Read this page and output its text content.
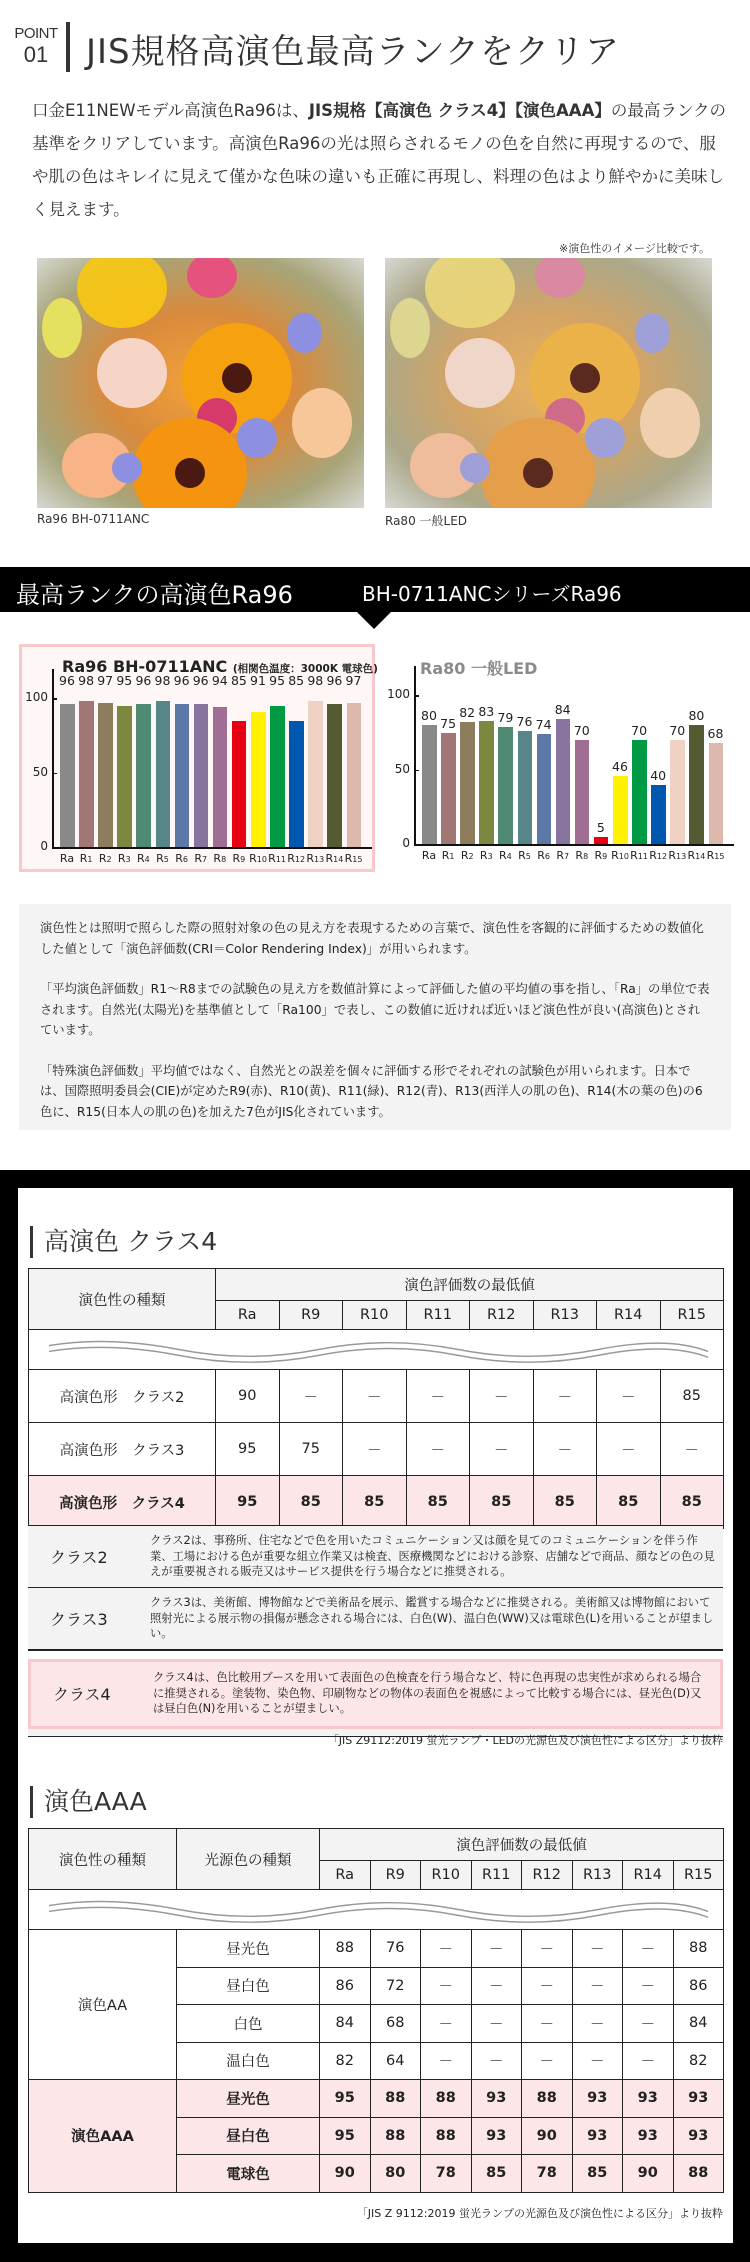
POINT
01 JIS規格高演色最高ランクをクリア
口金E11NEWモデル高演色Ra96は、JIS規格【高演色 クラス4】【演色AAA】の最高ランクの基準をクリアしています。高演色Ra96の光は照らされるモノの色を自然に再現するので、服や肌の色はキレイに見えて僅かな色味の違いも正確に再現し、料理の色はより鮮やかに美味しく見えます。
※演色性のイメージ比較です。
Ra96 BH-0711ANC	Ra80 一般LED
最高ランクの高演色Ra96	BH-0711ANCシリーズRa96
Ra96 BH-0711ANC (相関色温度：3000K 電球色)
0
50
100
96
Ra
98
R1
97
R2
95
R3
96
R4
98
R5
96
R6
96
R7
94
R8
85
R9
91
R10
95
R11
85
R12
98
R13
96
R14
97
R15
Ra80 一般LED
0
50
100
80
Ra
75
R1
82
R2
83
R3
79
R4
76
R5
74
R6
84
R7
70
R8
5
R9
46
R10
70
R11
40
R12
70
R13
80
R14
68
R15

演色性とは照明で照らした際の照射対象の色の見え方を表現するための言葉で、演色性を客観的に評価するための数値化した値として「演色評価数(CRI＝Color Rendering Index)」が用いられます。

「平均演色評価数」R1～R8までの試験色の見え方を数値計算によって評価した値の平均値の事を指し、「Ra」の単位で表されます。自然光(太陽光)を基準値として「Ra100」で表し、この数値に近ければ近いほど演色性が良い(高演色)とされています。

「特殊演色評価数」平均値ではなく、自然光との誤差を個々に評価する形でそれぞれの試験色が用いられます。日本では、国際照明委員会(CIE)が定めたR9(赤)、R10(黄)、R11(緑)、R12(青)、R13(西洋人の肌の色)、R14(木の葉の色)の6色に、R15(日本人の肌の色)を加えた7色がJIS化されています。

高演色 クラス4
演色性の種類	演色評価数の最低値							
	Ra	R9	R10	R11	R12	R13	R14	R15

高演色形　クラス2	90	－	－	－	－	－	－	85
高演色形　クラス3	95	75	－	－	－	－	－	－
高演色形　クラス4	95	85	85	85	85	85	85	85
クラス2
クラス2は、事務所、住宅などで色を用いたコミュニケーション又は顔を見てのコミュニケーションを伴う作業、工場における色が重要な組立作業又は検査、医療機関などにおける診察、店舗などで商品、顔などの色の見えが重要視される販売又はサービス提供を行う場合などに推奨される。
クラス3
クラス3は、美術館、博物館などで美術品を展示、鑑賞する場合などに推奨される。美術館又は博物館において照射光による展示物の損傷が懸念される場合には、白色(W)、温白色(WW)又は電球色(L)を用いることが望ましい。
クラス4
クラス4は、色比較用ブースを用いて表面色の色検査を行う場合など、特に色再現の忠実性が求められる場合に推奨される。塗装物、染色物、印刷物などの物体の表面色を視感によって比較する場合には、昼光色(D)又は昼白色(N)を用いることが望ましい。
「JIS Z9112:2019 蛍光ランプ・LEDの光源色及び演色性による区分」より抜粋
演色AAA
演色性の種類	光源色の種類	演色評価数の最低値							
		Ra	R9	R10	R11	R12	R13	R14	R15

演色AA	昼光色	88	76	－	－	－	－	－	88
	昼白色	86	72	－	－	－	－	－	86
	白色	84	68	－	－	－	－	－	84
	温白色	82	64	－	－	－	－	－	82
演色AAA	昼光色	95	88	88	93	88	93	93	93
	昼白色	95	88	88	93	90	93	93	93
	電球色	90	80	78	85	78	85	90	88
「JIS Z 9112:2019 蛍光ランプの光源色及び演色性による区分」より抜粋
